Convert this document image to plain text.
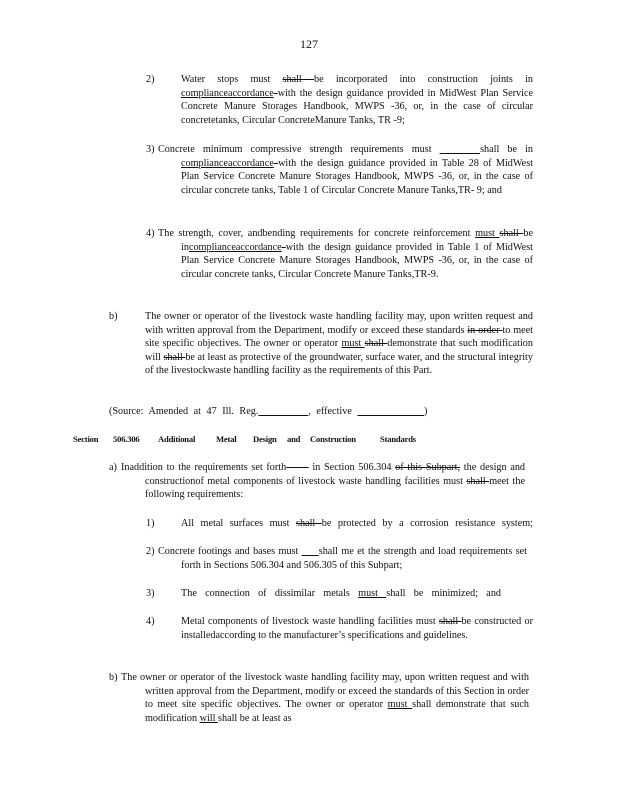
127
2)	Water stops must shall be incorporated into construction joints in complianceaccordance with the design guidance provided in MidWest Plan Service Concrete Manure Storages Handbook, MWPS -36, or, in the case of circular concretetanks, Circular ConcreteManure Tanks, TR -9;
3) Concrete minimum compressive strength requirements must	shall be in complianceaccordance with the design guidance provided in Table 28 of MidWest Plan Service Concrete Manure Storages Handbook, MWPS -36, or, in the case of circular concrete tanks, Table 1 of Circular Concrete Manure Tanks,TR- 9; and
4) The strength, cover, andbending requirements for concrete reinforcement must shall be incomplianceaccordance with the design guidance provided in Table 1 of MidWest Plan Service Concrete Manure Storages Handbook, MWPS -36, or, in the case of circular concrete tanks, Circular Concrete Manure Tanks,TR-9.
b)	The owner or operator of the livestock waste handling facility may, upon written request and with written approval from the Department, modify or exceed these standards in order to meet site specific objectives. The owner or operator must shall demonstrate that such modification will shall be at least as protective of the groundwater, surface water, and the structural integrity of the livestockwaste handling facility as the requirements of this Part.
(Source: Amended at 47 Ill. Reg.	, effective	)
Section 506.306 Additional Metal Design and Construction	Standards
a) Inaddition to the requirements set forth       in Section 506.304 of this Subpart, the design and constructionof metal components of livestock waste handling facilities must shall meet the following requirements:
1)	All metal surfaces must shall be protected by a corrosion resistance system;
2) Concrete footings and bases must      shall me et the strength and load requirements set forth in Sections 506.304 and 506.305 of this Subpart;
3)	The connection of dissimilar metals must shall be minimized; and
4)	Metal components of livestock waste handling facilities must shall be constructed or installedaccording to the manufacturer’s specifications and guidelines.
b) The owner or operator of the livestock waste handling facility may, upon written request and with written approval from the Department, modify or exceed the standards of this Section in order to meet site specific objectives. The owner or operator must shall demonstrate that such modification will shall be at least as
